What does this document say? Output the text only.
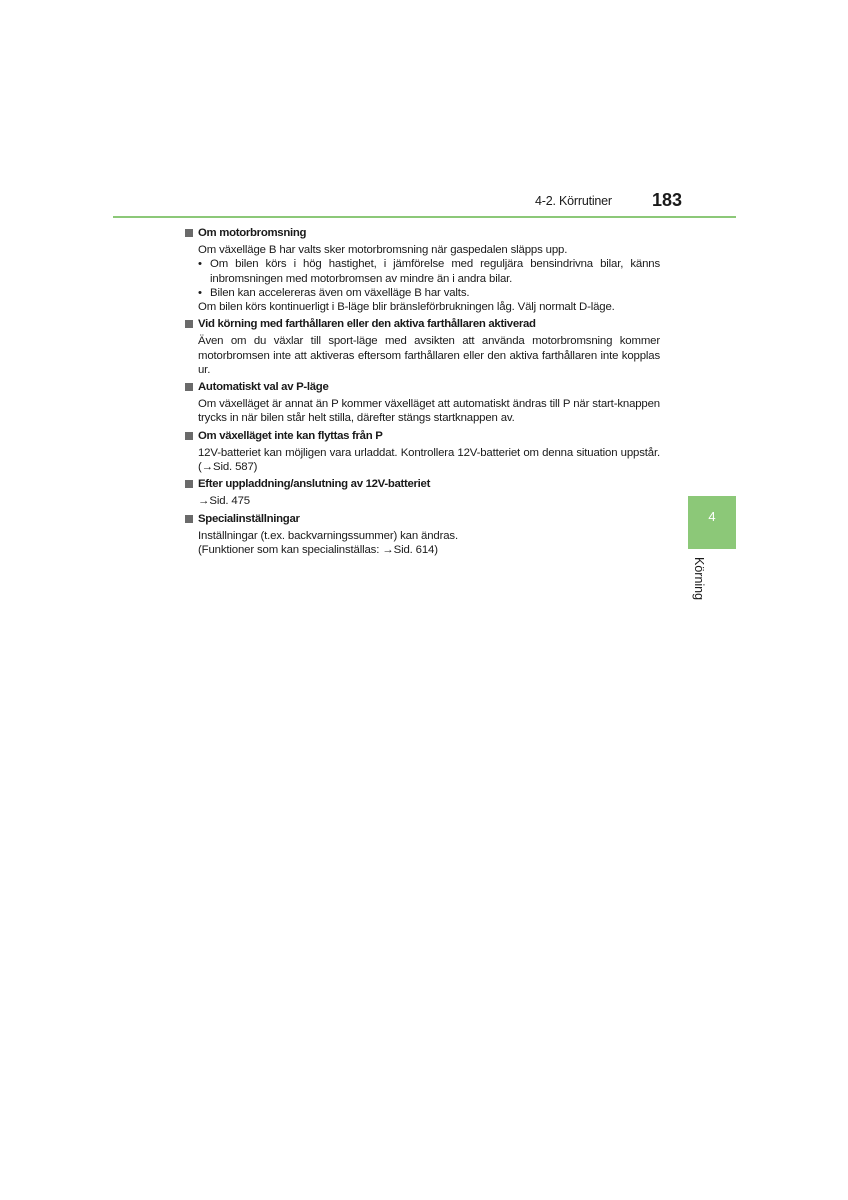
4-2. Körrutiner 183
Om motorbromsning
Om växelläge B har valts sker motorbromsning när gaspedalen släpps upp.
• Om bilen körs i hög hastighet, i jämförelse med reguljära bensindrivna bilar, känns inbromsningen med motorbromsen av mindre än i andra bilar.
• Bilen kan accelereras även om växelläge B har valts.
Om bilen körs kontinuerligt i B-läge blir bränsleförbrukningen låg. Välj normalt D-läge.
Vid körning med farthållaren eller den aktiva farthållaren aktiverad
Även om du växlar till sport-läge med avsikten att använda motorbromsning kommer motorbromsen inte att aktiveras eftersom farthållaren eller den aktiva farthållaren inte kopplas ur.
Automatiskt val av P-läge
Om växelläget är annat än P kommer växelläget att automatiskt ändras till P när start-knappen trycks in när bilen står helt stilla, därefter stängs startknappen av.
Om växelläget inte kan flyttas från P
12V-batteriet kan möjligen vara urladdat. Kontrollera 12V-batteriet om denna situation uppstår. (→Sid. 587)
Efter uppladdning/anslutning av 12V-batteriet
→Sid. 475
Specialinställningar
Inställningar (t.ex. backvarningssummer) kan ändras.
(Funktioner som kan specialinställas: →Sid. 614)
4
Körning
